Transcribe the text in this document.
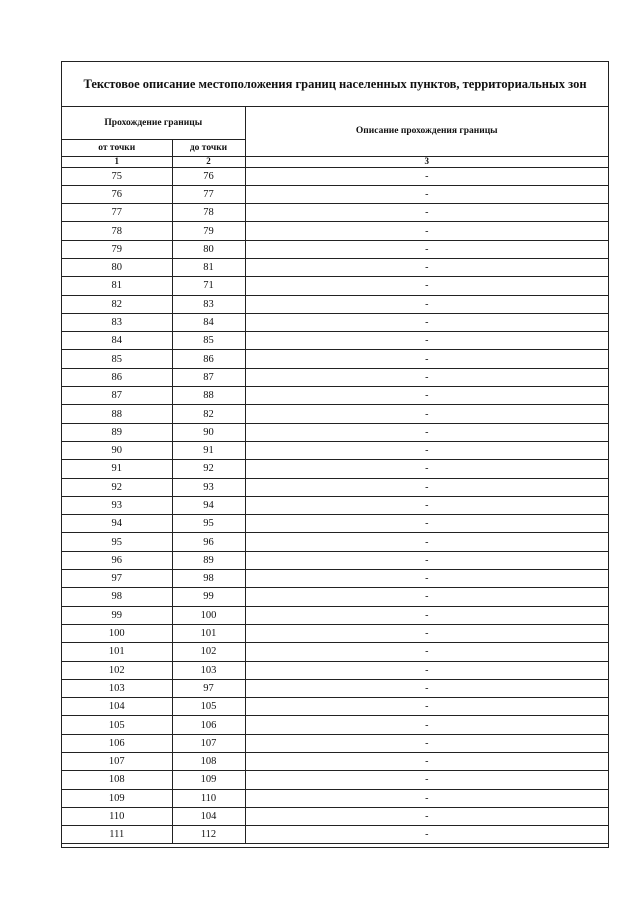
Текстовое описание местоположения границ населенных пунктов, территориальных зон
Прохождение границы		Описание прохождения границы
от точки	до точки	
1	2	3
75	76	-
76	77	-
77	78	-
78	79	-
79	80	-
80	81	-
81	71	-
82	83	-
83	84	-
84	85	-
85	86	-
86	87	-
87	88	-
88	82	-
89	90	-
90	91	-
91	92	-
92	93	-
93	94	-
94	95	-
95	96	-
96	89	-
97	98	-
98	99	-
99	100	-
100	101	-
101	102	-
102	103	-
103	97	-
104	105	-
105	106	-
106	107	-
107	108	-
108	109	-
109	110	-
110	104	-
111	112	-
